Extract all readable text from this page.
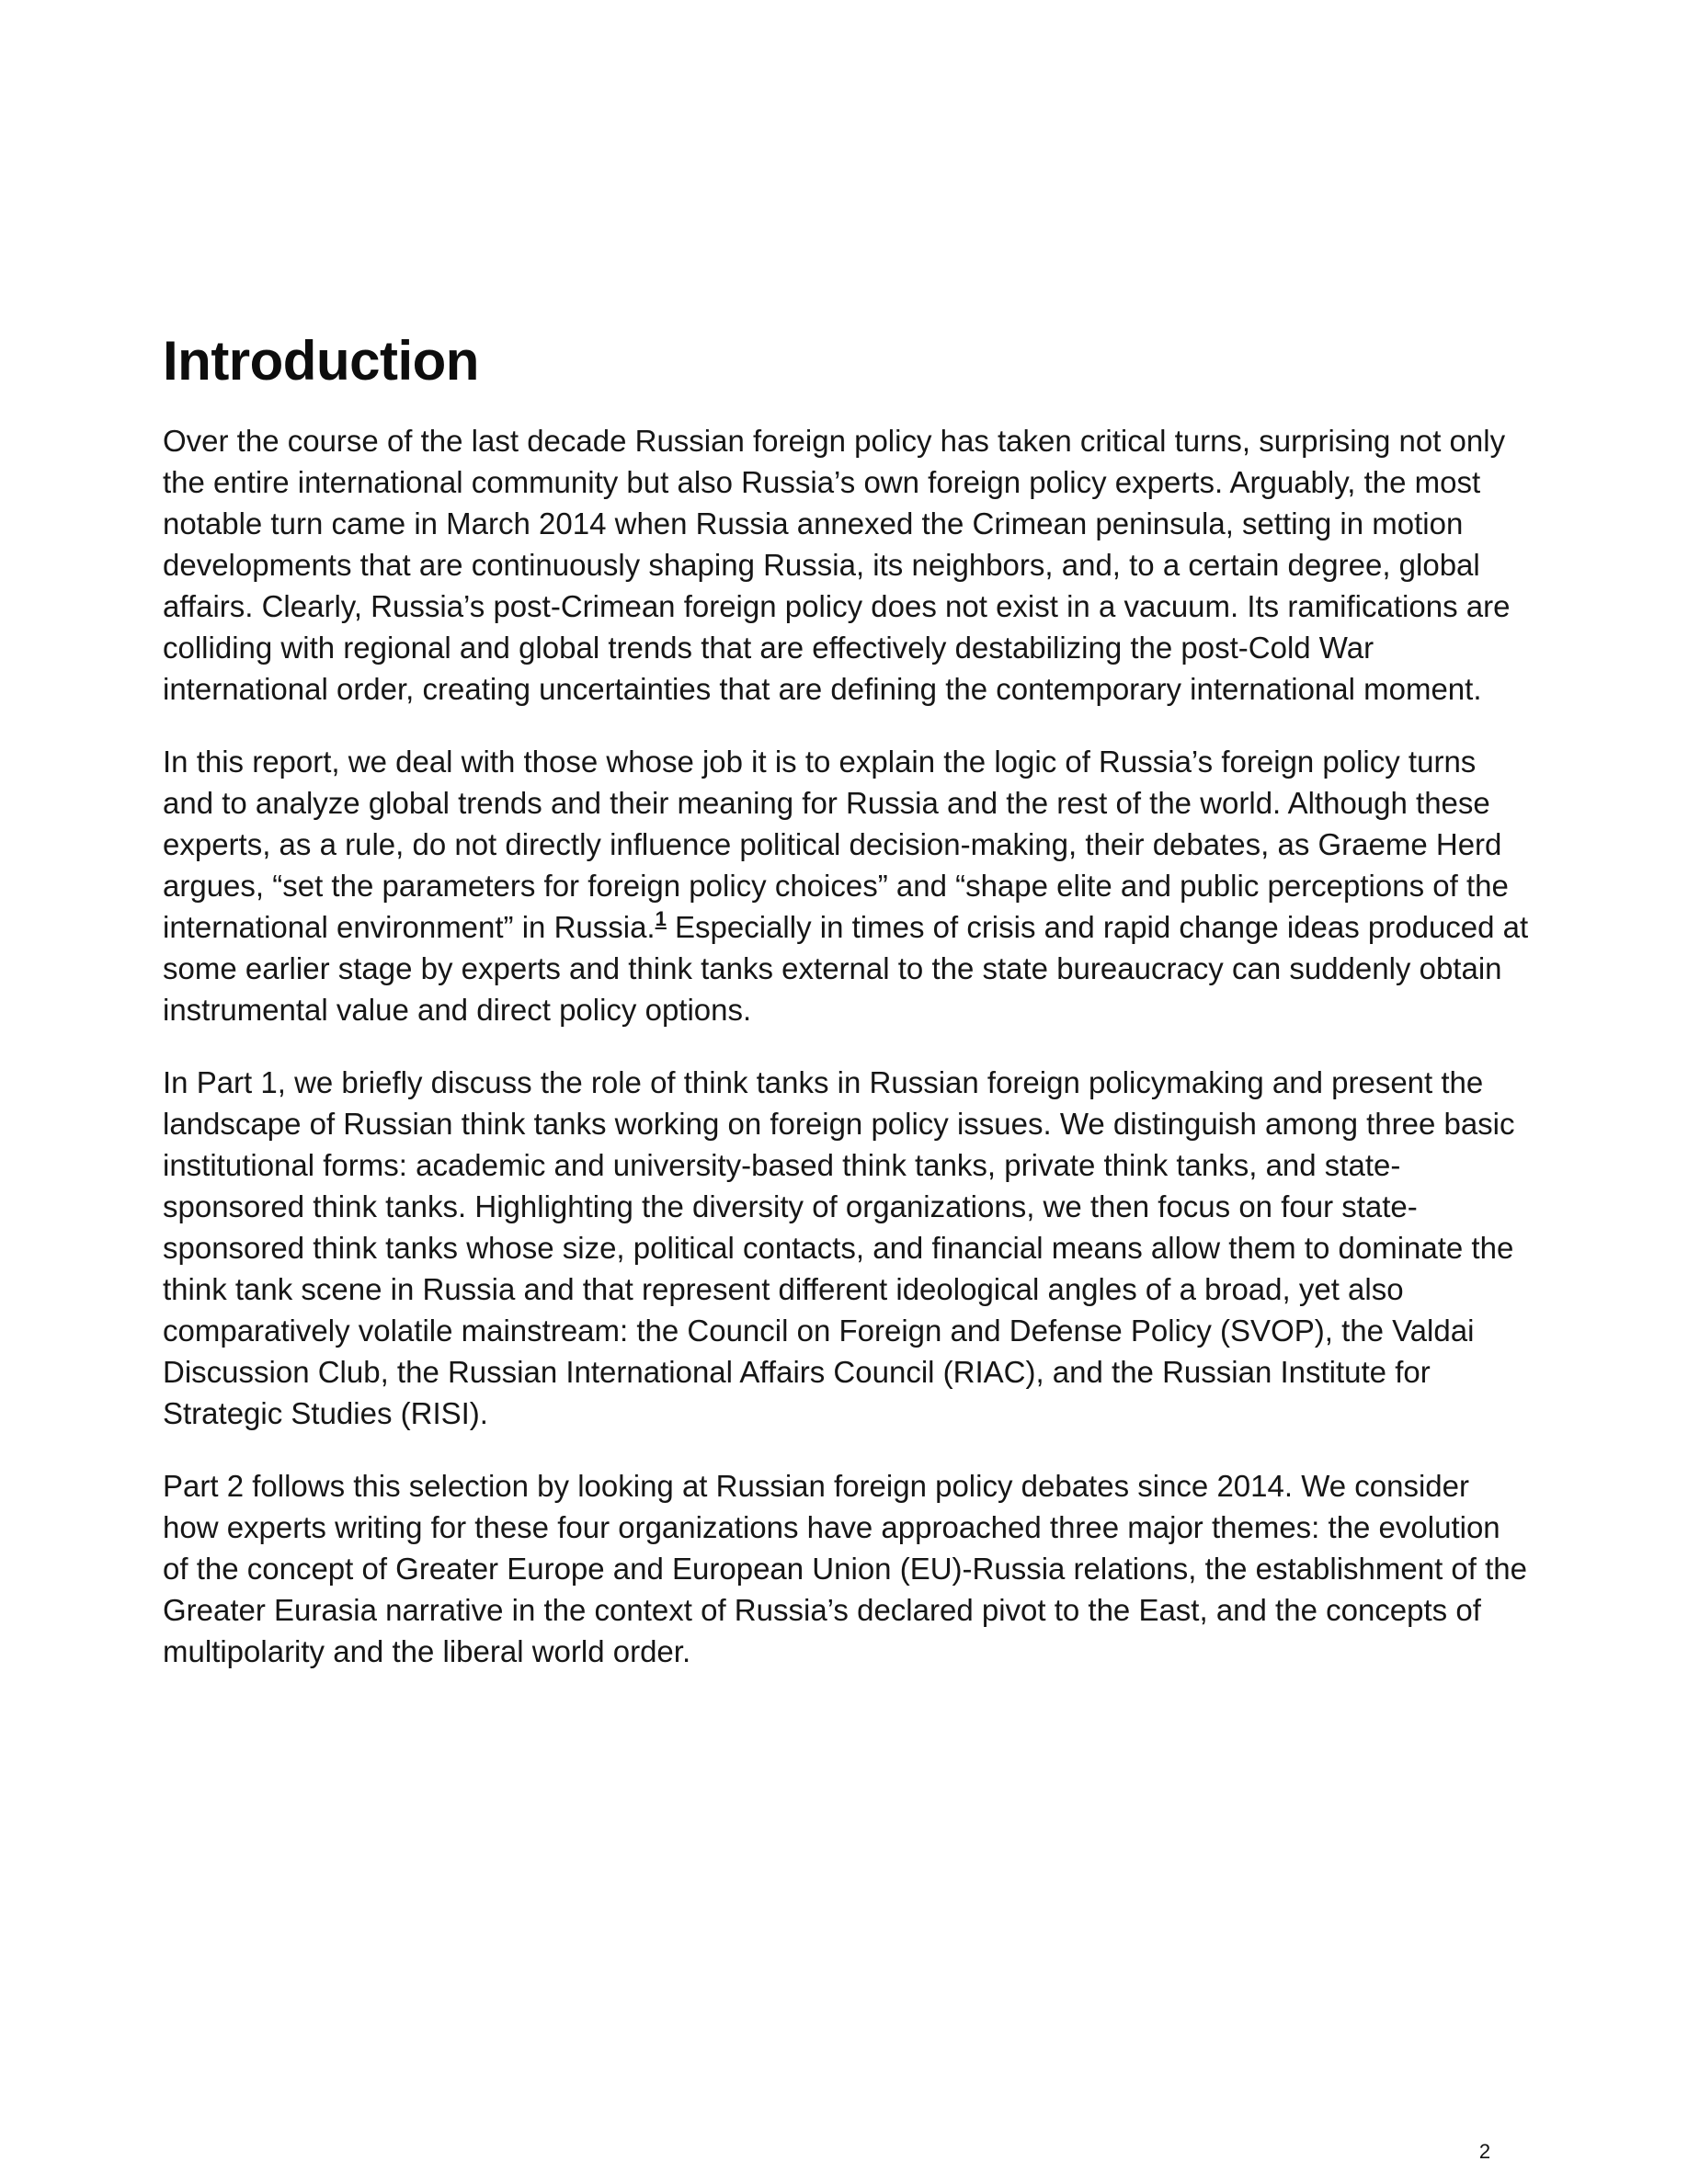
Introduction

Over the course of the last decade Russian foreign policy has taken critical turns, surprising not only the entire international community but also Russia’s own foreign policy experts. Arguably, the most notable turn came in March 2014 when Russia annexed the Crimean peninsula, setting in motion developments that are continuously shaping Russia, its neighbors, and, to a certain degree, global affairs. Clearly, Russia’s post-Crimean foreign policy does not exist in a vacuum. Its ramifications are colliding with regional and global trends that are effectively destabilizing the post-Cold War international order, creating uncertainties that are defining the contemporary international moment.

In this report, we deal with those whose job it is to explain the logic of Russia’s foreign policy turns and to analyze global trends and their meaning for Russia and the rest of the world. Although these experts, as a rule, do not directly influence political decision-making, their debates, as Graeme Herd argues, “set the parameters for foreign policy choices” and “shape elite and public perceptions of the international environment” in Russia.$^1$ Especially in times of crisis and rapid change ideas produced at some earlier stage by experts and think tanks external to the state bureaucracy can suddenly obtain instrumental value and direct policy options.

In Part 1, we briefly discuss the role of think tanks in Russian foreign policymaking and present the landscape of Russian think tanks working on foreign policy issues. We distinguish among three basic institutional forms: academic and university-based think tanks, private think tanks, and state-sponsored think tanks. Highlighting the diversity of organizations, we then focus on four state-sponsored think tanks whose size, political contacts, and financial means allow them to dominate the think tank scene in Russia and that represent different ideological angles of a broad, yet also comparatively volatile mainstream: the Council on Foreign and Defense Policy (SVOP), the Valdai Discussion Club, the Russian International Affairs Council (RIAC), and the Russian Institute for Strategic Studies (RISI).

Part 2 follows this selection by looking at Russian foreign policy debates since 2014. We consider how experts writing for these four organizations have approached three major themes: the evolution of the concept of Greater Europe and European Union (EU)-Russia relations, the establishment of the Greater Eurasia narrative in the context of Russia’s declared pivot to the East, and the concepts of multipolarity and the liberal world order.

2
